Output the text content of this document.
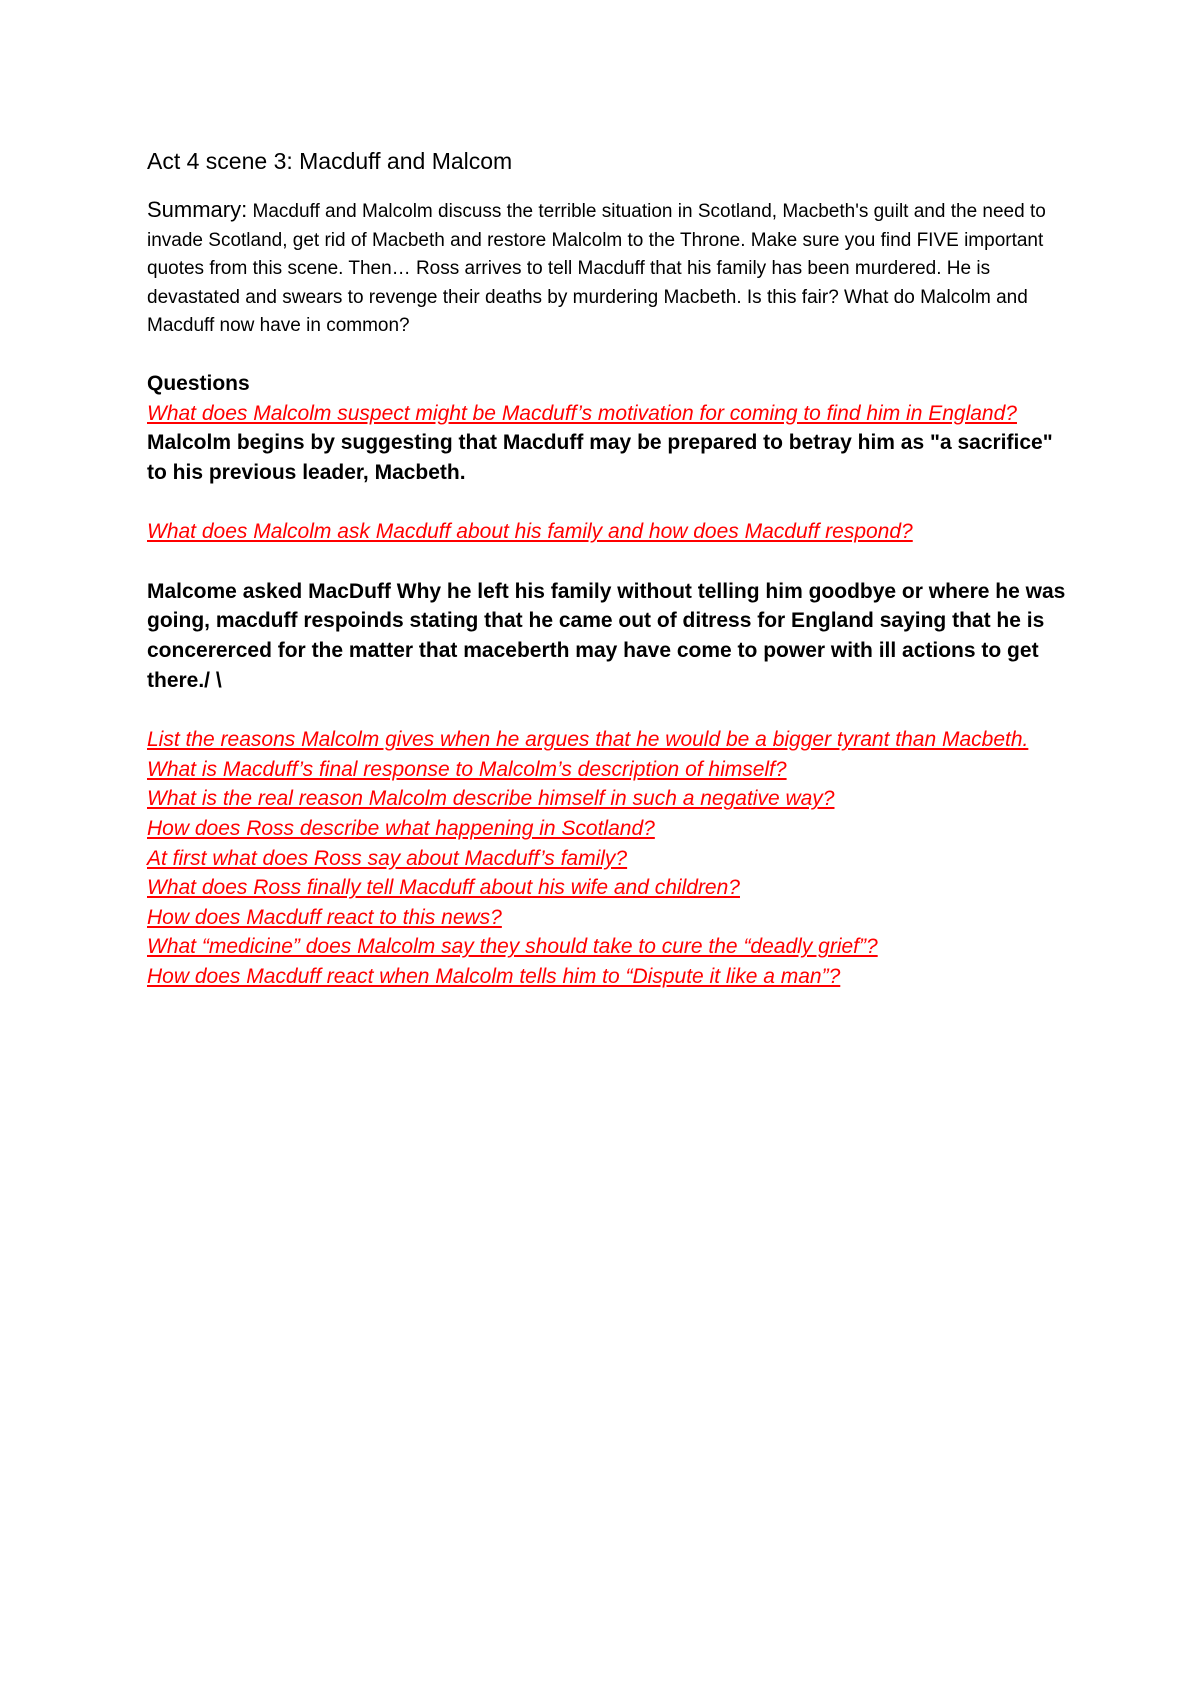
Act 4 scene 3: Macduff and Malcom

Summary: Macduff and Malcolm discuss the terrible situation in Scotland, Macbeth's guilt and the need to invade Scotland, get rid of Macbeth and restore Malcolm to the Throne. Make sure you find FIVE important quotes from this scene. Then… Ross arrives to tell Macduff that his family has been murdered. He is devastated and swears to revenge their deaths by murdering Macbeth. Is this fair? What do Malcolm and Macduff now have in common?

Questions

What does Malcolm suspect might be Macduff’s motivation for coming to find him in England?

Malcolm begins by suggesting that Macduff may be prepared to betray him as "a sacrifice" to his previous leader, Macbeth.

What does Malcolm ask Macduff about his family and how does Macduff respond?

Malcome asked MacDuff Why he left his family without telling him goodbye or where he was going, macduff respoinds stating that he came out of ditress for England saying that he is concererced for the matter that maceberth may have come to power with ill actions to get there./ \

List the reasons Malcolm gives when he argues that he would be a bigger tyrant than Macbeth.
What is Macduff’s final response to Malcolm’s description of himself?
What is the real reason Malcolm describe himself in such a negative way?
How does Ross describe what happening in Scotland?
At first what does Ross say about Macduff’s family?
What does Ross finally tell Macduff about his wife and children?
How does Macduff react to this news?
What “medicine” does Malcolm say they should take to cure the “deadly grief”?
How does Macduff react when Malcolm tells him to “Dispute it like a man”?
